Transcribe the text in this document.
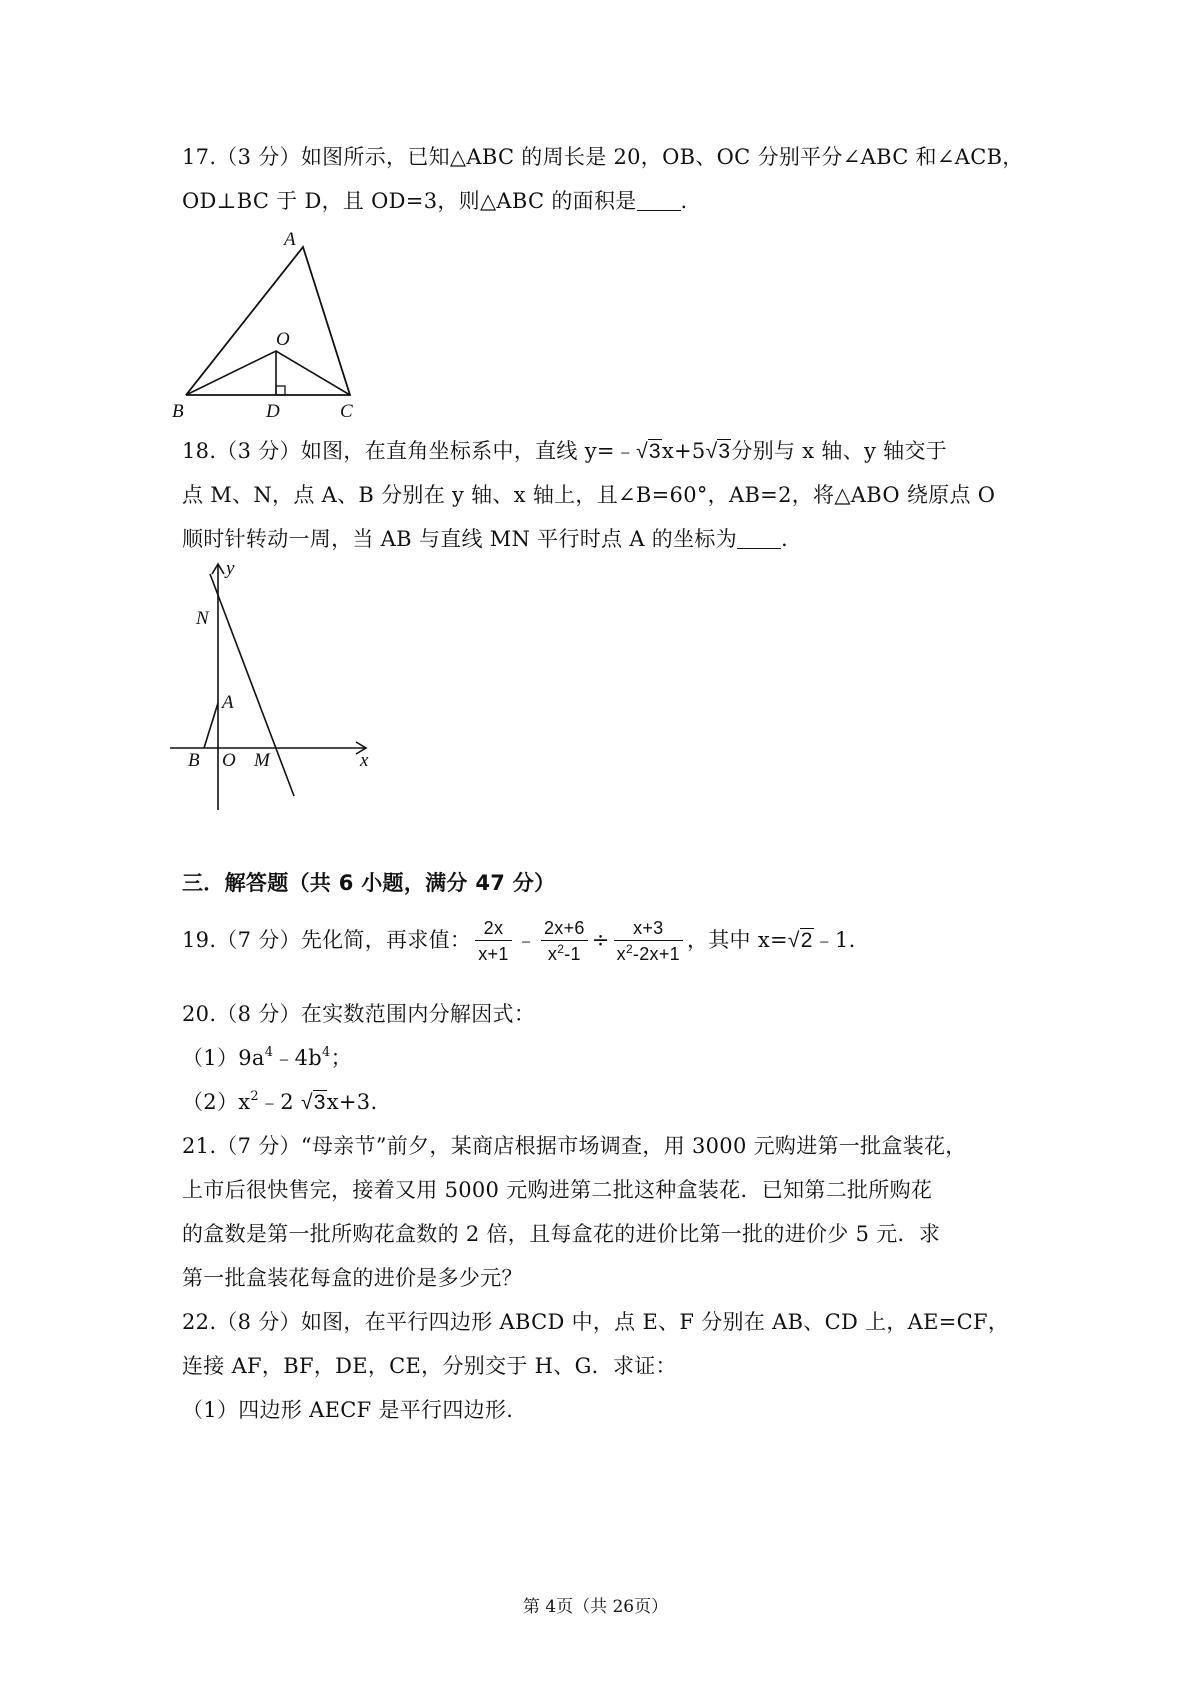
17.（3 分）如图所示，已知△ABC 的周长是 20，OB、OC 分别平分∠ABC 和∠ACB，
OD⊥BC 于 D，且 OD=3，则△ABC 的面积是 .
A
O
B	D	C
18.（3 分）如图，在直角坐标系中，直线 y=﹣√3x+5√3分别与 x 轴、y 轴交于
点 M、N，点 A、B 分别在 y 轴、x 轴上，且∠B=60°，AB=2，将△ABO 绕原点 O
顺时针转动一周，当 AB 与直线 MN 平行时点 A 的坐标为 .
y
N
A
B O M	x
三．解答题（共 6 小题，满分 47 分）
19.（7 分）先化简，再求值： $\frac{2x}{x+1}$ ﹣ $\frac{2x+6}{x^2-1} \div \frac{x+3}{x^2-2x+1}$ ，其中 x=√2﹣1.
20.（8 分）在实数范围内分解因式：
$(1)9a^4﹣4b^4$；
$(2)x^2﹣2$ √3x+3.
21.（7 分）“母亲节”前夕，某商店根据市场调查，用 3000 元购进第一批盒装花，
上市后很快售完，接着又用 5000 元购进第二批这种盒装花．已知第二批所购花
的盒数是第一批所购花盒数的 2 倍，且每盒花的进价比第一批的进价少 5 元．求
第一批盒装花每盒的进价是多少元？
22.（8 分）如图，在平行四边形 ABCD 中，点 E、F 分别在 AB、CD 上，AE=CF，
连接 AF，BF，DE，CE，分别交于 H、G．求证：
（1）四边形 AECF 是平行四边形.
第 4页（共 26页）
